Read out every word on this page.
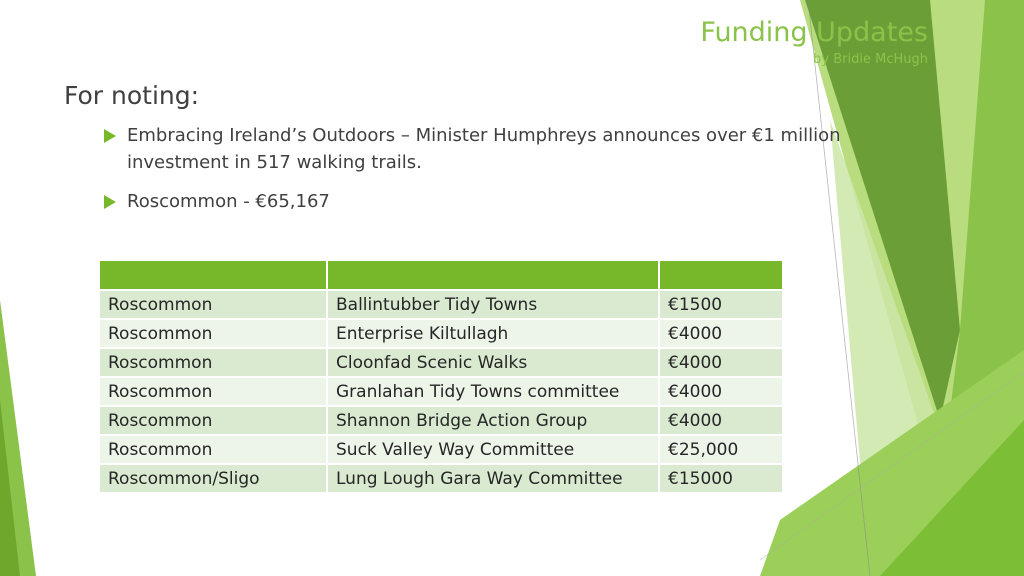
Funding Updates
by Bridie McHugh
For noting:
Embracing Ireland’s Outdoors – Minister Humphreys announces over €1 million investment in 517 walking trails.
Roscommon - €65,167

Roscommon	Ballintubber Tidy Towns	€1500
Roscommon	Enterprise Kiltullagh	€4000
Roscommon	Cloonfad Scenic Walks	€4000
Roscommon	Granlahan Tidy Towns committee	€4000
Roscommon	Shannon Bridge Action Group	€4000
Roscommon	Suck Valley Way Committee	€25,000
Roscommon/Sligo	Lung Lough Gara Way Committee	€15000
